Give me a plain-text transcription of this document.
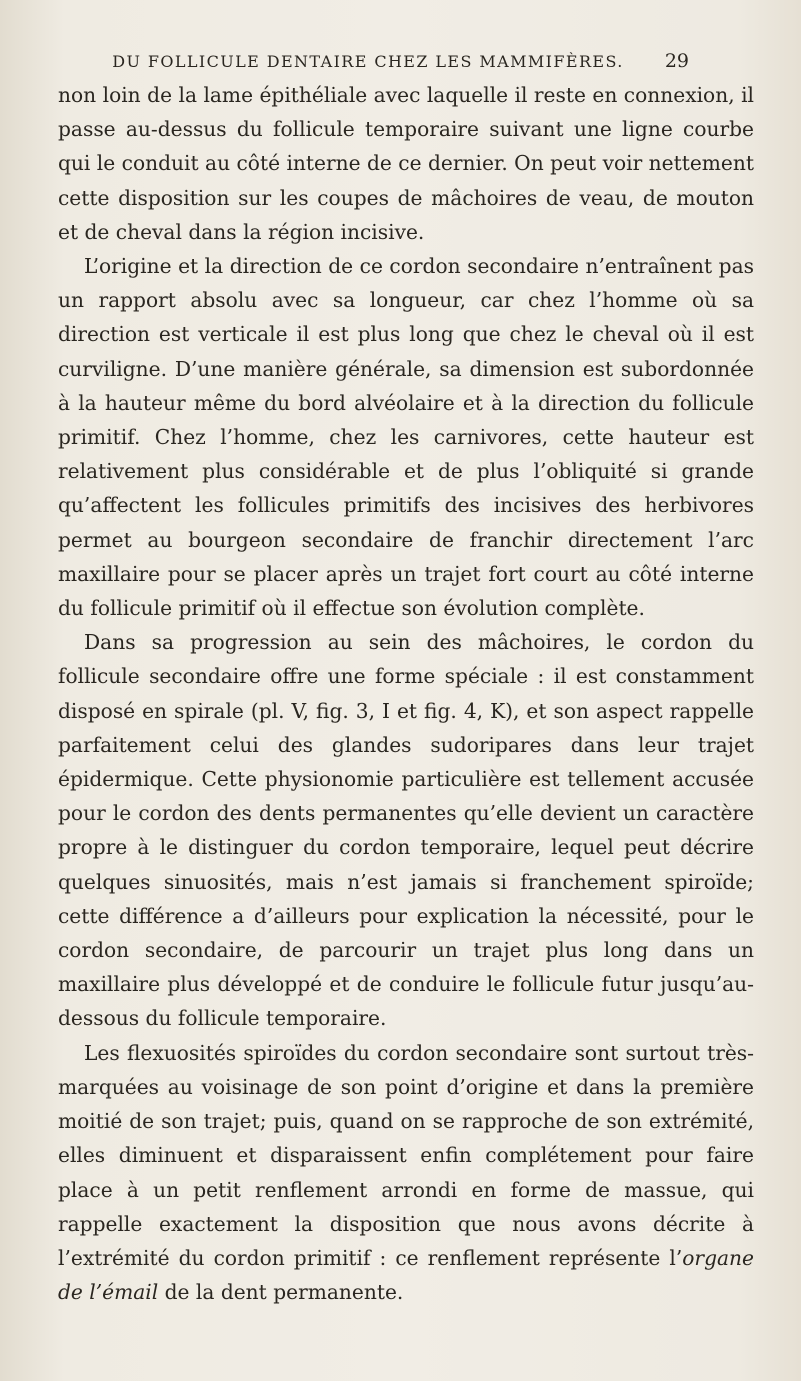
DU FOLLICULE DENTAIRE CHEZ LES MAMMIFÈRES.	29

non loin de la lame épithéliale avec laquelle il reste en connexion, il passe au-dessus du follicule temporaire suivant une ligne courbe qui le conduit au côté interne de ce dernier. On peut voir nettement cette disposition sur les coupes de mâchoires de veau, de mouton et de cheval dans la région incisive.

L’origine et la direction de ce cordon secondaire n’entraînent pas un rapport absolu avec sa longueur, car chez l’homme où sa direction est verticale il est plus long que chez le cheval où il est curviligne. D’une manière générale, sa dimension est subordonnée à la hauteur même du bord alvéolaire et à la direction du follicule primitif. Chez l’homme, chez les carnivores, cette hauteur est relativement plus considérable et de plus l’obliquité si grande qu’affectent les follicules primitifs des incisives des herbivores permet au bourgeon secondaire de franchir directement l’arc maxillaire pour se placer après un trajet fort court au côté interne du follicule primitif où il effectue son évolution complète.

Dans sa progression au sein des mâchoires, le cordon du follicule secondaire offre une forme spéciale : il est constamment disposé en spirale (pl. V, fig. 3, I et fig. 4, K), et son aspect rappelle parfaitement celui des glandes sudoripares dans leur trajet épidermique. Cette physionomie particulière est tellement accusée pour le cordon des dents permanentes qu’elle devient un caractère propre à le distinguer du cordon temporaire, lequel peut décrire quelques sinuosités, mais n’est jamais si franchement spiroïde; cette différence a d’ailleurs pour explication la nécessité, pour le cordon secondaire, de parcourir un trajet plus long dans un maxillaire plus développé et de conduire le follicule futur jusqu’au-dessous du follicule temporaire.

Les flexuosités spiroïdes du cordon secondaire sont surtout très-marquées au voisinage de son point d’origine et dans la première moitié de son trajet; puis, quand on se rapproche de son extrémité, elles diminuent et disparaissent enfin complétement pour faire place à un petit renflement arrondi en forme de massue, qui rappelle exactement la disposition que nous avons décrite à l’extrémité du cordon primitif : ce renflement représente l’organe de l’émail de la dent permanente.
